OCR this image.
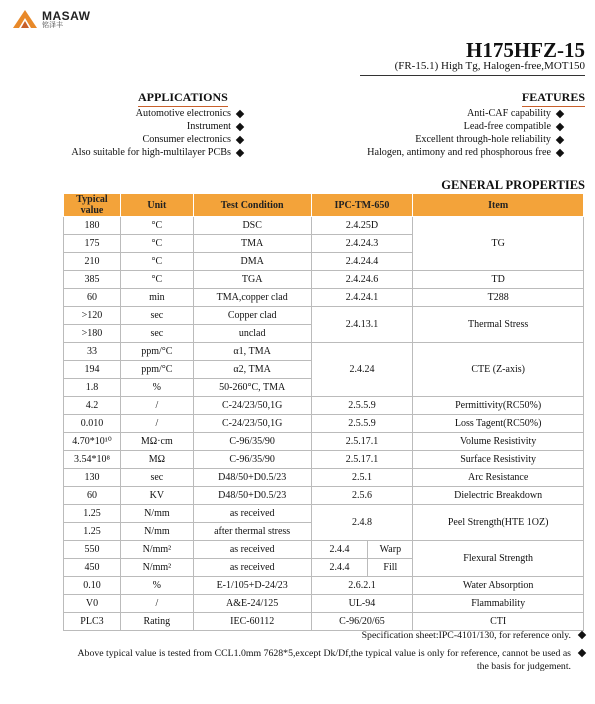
MASAW
铭泽丰
H175HFZ-15
(FR-15.1) High Tg, Halogen-free,MOT150
APPLICATIONS
Automotive electronics
Instrument
Consumer electronics
Also suitable for high-multilayer PCBs
FEATURES
Anti-CAF capability
Lead-free compatible
Excellent through-hole reliability
Halogen, antimony and red phosphorous free
GENERAL PROPERTIES
Typical value	Unit	Test Condition	IPC-TM-650		Item
180	°C	DSC	2.4.25D		TG
175	°C	TMA	2.4.24.3		
210	°C	DMA	2.4.24.4		
385	°C	TGA	2.4.24.6		TD
60	min	TMA,copper clad	2.4.24.1		T288
>120	sec	Copper clad	2.4.13.1		Thermal Stress
>180	sec	unclad			
33	ppm/°C	α1, TMA	2.4.24		CTE (Z-axis)
194	ppm/°C	α2, TMA			
1.8	%	50-260°C, TMA			
4.2	/	C-24/23/50,1G	2.5.5.9		Permittivity(RC50%)
0.010	/	C-24/23/50,1G	2.5.5.9		Loss Tagent(RC50%)
4.70*10¹⁰	MΩ·cm	C-96/35/90	2.5.17.1		Volume Resistivity
3.54*10⁸	MΩ	C-96/35/90	2.5.17.1		Surface Resistivity
130	sec	D48/50+D0.5/23	2.5.1		Arc Resistance
60	KV	D48/50+D0.5/23	2.5.6		Dielectric Breakdown
1.25	N/mm	as received	2.4.8		Peel Strength(HTE 1OZ)
1.25	N/mm	after thermal stress			
550	N/mm²	as received	2.4.4	Warp	Flexural Strength
450	N/mm²	as received	2.4.4	Fill	
0.10	%	E-1/105+D-24/23	2.6.2.1		Water Absorption
V0	/	A&E-24/125	UL-94		Flammability
PLC3	Rating	IEC-60112	C-96/20/65		CTI
Specification sheet:IPC-4101/130, for reference only.
Above typical value is tested from CCL1.0mm 7628*5,except Dk/Df,the typical value is only for reference, cannot be used as the basis for judgement.
